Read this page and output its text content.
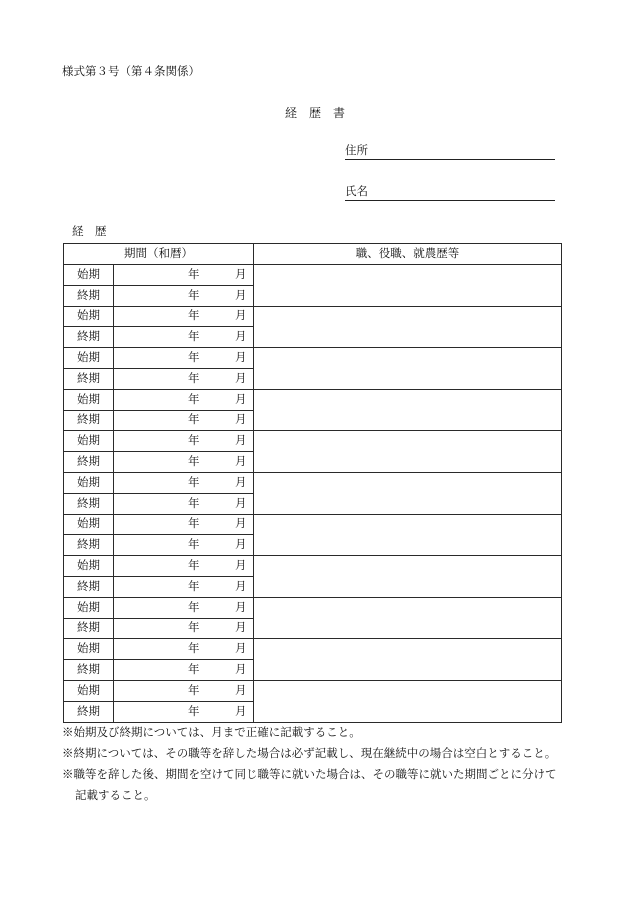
様式第３号（第４条関係）
経　歴　書
住所
氏名
経　歴
期間（和暦）		職、役職、就農歴等
始期	年 月	

終期	年 月	

始期	年 月	

終期	年 月	

始期	年 月	

終期	年 月	

始期	年 月	

終期	年 月	

始期	年 月	

終期	年 月	

始期	年 月	

終期	年 月	

始期	年 月	

終期	年 月	

始期	年 月	

終期	年 月	

始期	年 月	

終期	年 月	

始期	年 月	

終期	年 月	

始期	年 月	

終期	年 月	
※始期及び終期については、月まで正確に記載すること。
※終期については、その職等を辞した場合は必ず記載し、現在継続中の場合は空白とすること。
※職等を辞した後、期間を空けて同じ職等に就いた場合は、その職等に就いた期間ごとに分けて
記載すること。
